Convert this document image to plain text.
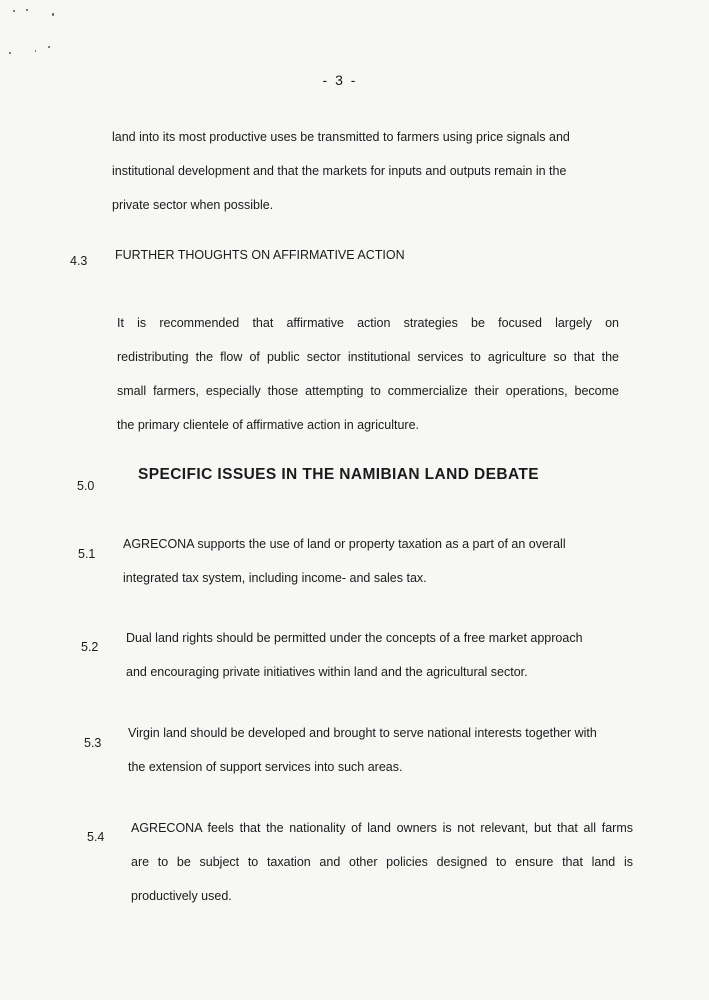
- 3 -
land into its most productive uses be transmitted to farmers using price signals and
institutional development and that the markets for inputs and outputs remain in the
private sector when possible.
4.3 FURTHER THOUGHTS ON AFFIRMATIVE ACTION
It is recommended that affirmative action strategies be focused largely on
redistributing the flow of public sector institutional services to agriculture so that the
small farmers, especially those attempting to commercialize their operations, become
the primary clientele of affirmative action in agriculture.
5.0
SPECIFIC ISSUES IN THE NAMIBIAN LAND DEBATE
5.1
AGRECONA supports the use of land or property taxation as a part of an overall
integrated tax system, including income- and sales tax.
5.2
Dual land rights should be permitted under the concepts of a free market approach
and encouraging private initiatives within land and the agricultural sector.
5.3
Virgin land should be developed and brought to serve national interests together with
the extension of support services into such areas.
5.4
AGRECONA feels that the nationality of land owners is not relevant, but that all farms
are to be subject to taxation and other policies designed to ensure that land is
productively used.
